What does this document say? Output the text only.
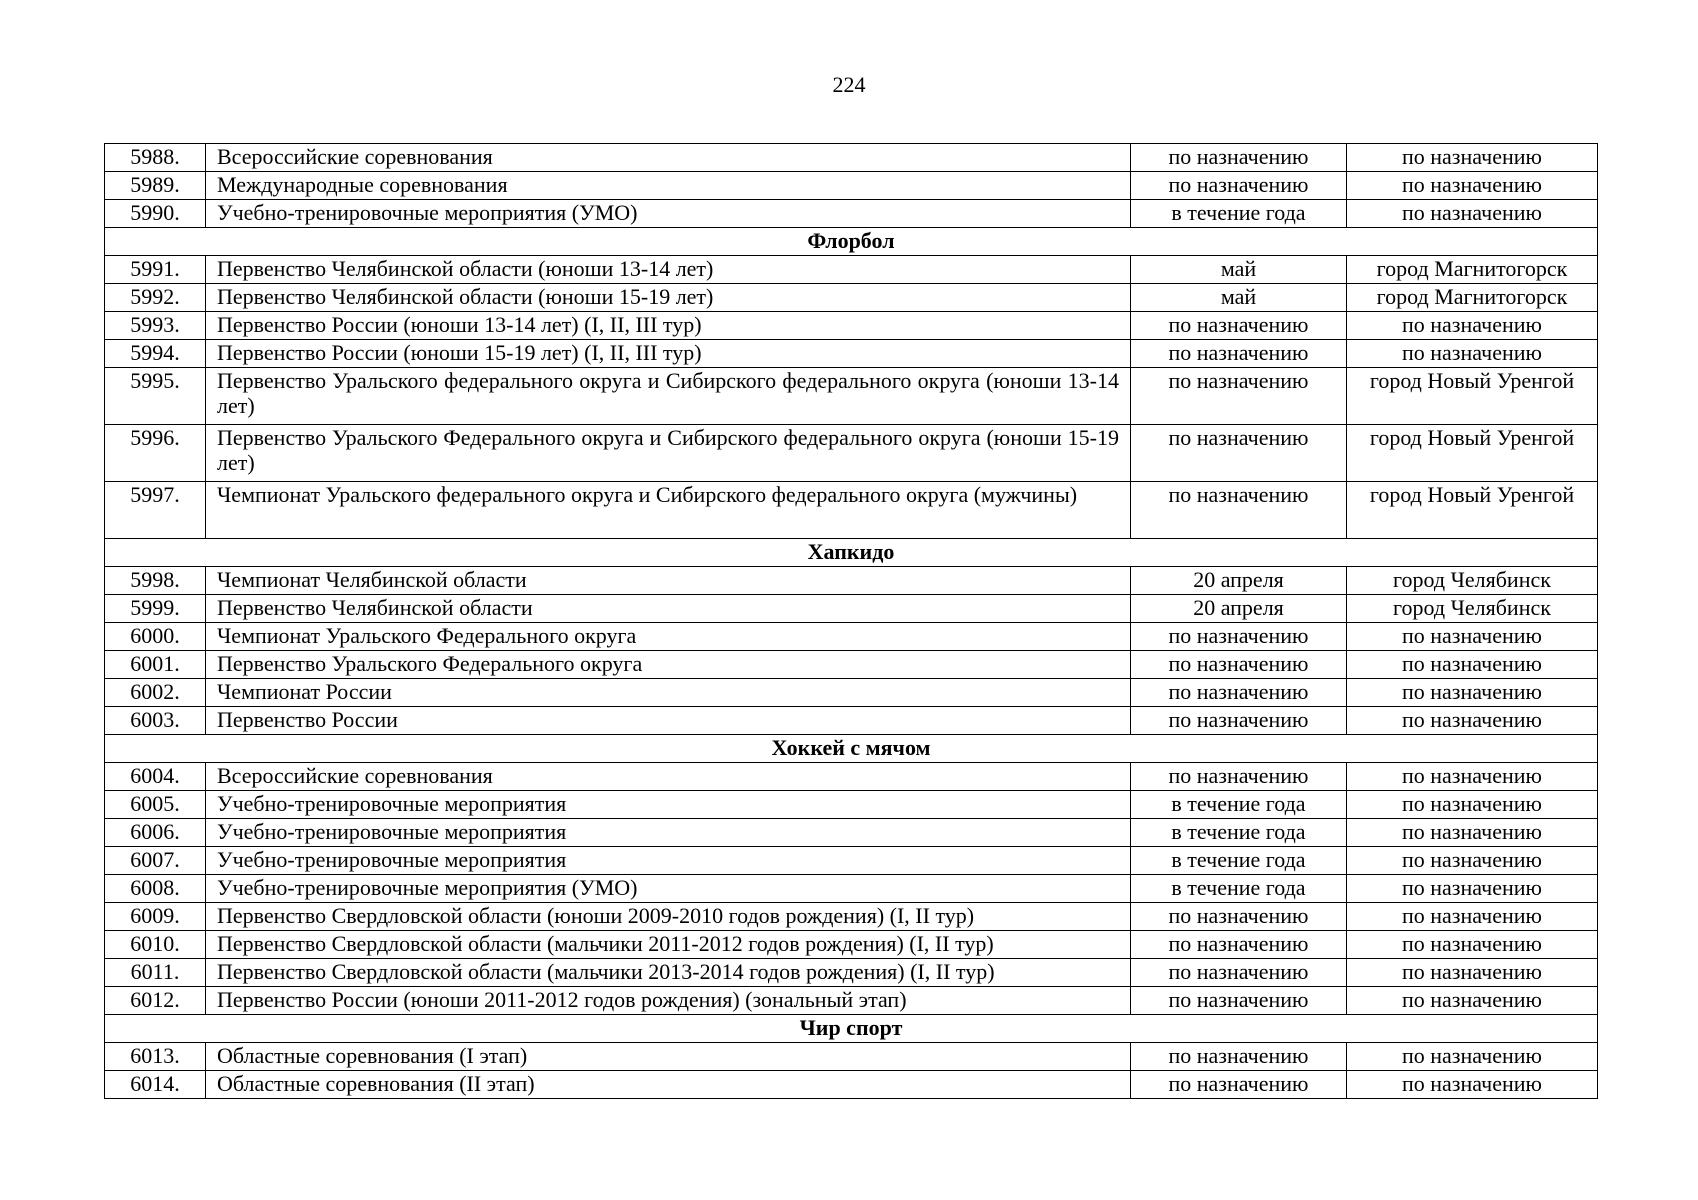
224
5988.	Всероссийские соревнования	по назначению	по назначению
5989.	Международные соревнования	по назначению	по назначению
5990.	Учебно-тренировочные мероприятия (УМО)	в течение года	по назначению
Флорбол			
5991.	Первенство Челябинской области (юноши 13-14 лет)	май	город Магнитогорск
5992.	Первенство Челябинской области (юноши 15-19 лет)	май	город Магнитогорск
5993.	Первенство России (юноши 13-14 лет) (I, II, III тур)	по назначению	по назначению
5994.	Первенство России (юноши 15-19 лет) (I, II, III тур)	по назначению	по назначению
5995.	Первенство Уральского федерального округа и Сибирского федерального округа (юноши 13-14 лет)	по назначению	город Новый Уренгой
5996.	Первенство Уральского Федерального округа и Сибирского федерального округа (юноши 15-19 лет)	по назначению	город Новый Уренгой
5997.	Чемпионат Уральского федерального округа и Сибирского федерального округа (мужчины)	по назначению	город Новый Уренгой
Хапкидо			
5998.	Чемпионат Челябинской области	20 апреля	город Челябинск
5999.	Первенство Челябинской области	20 апреля	город Челябинск
6000.	Чемпионат Уральского Федерального округа	по назначению	по назначению
6001.	Первенство Уральского Федерального округа	по назначению	по назначению
6002.	Чемпионат России	по назначению	по назначению
6003.	Первенство России	по назначению	по назначению
Хоккей с мячом			
6004.	Всероссийские соревнования	по назначению	по назначению
6005.	Учебно-тренировочные мероприятия	в течение года	по назначению
6006.	Учебно-тренировочные мероприятия	в течение года	по назначению
6007.	Учебно-тренировочные мероприятия	в течение года	по назначению
6008.	Учебно-тренировочные мероприятия (УМО)	в течение года	по назначению
6009.	Первенство Свердловской области (юноши 2009-2010 годов рождения) (I, II тур)	по назначению	по назначению
6010.	Первенство Свердловской области (мальчики 2011-2012 годов рождения) (I, II тур)	по назначению	по назначению
6011.	Первенство Свердловской области (мальчики 2013-2014 годов рождения) (I, II тур)	по назначению	по назначению
6012.	Первенство России (юноши 2011-2012 годов рождения) (зональный этап)	по назначению	по назначению
Чир спорт			
6013.	Областные соревнования (I этап)	по назначению	по назначению
6014.	Областные соревнования (II этап)	по назначению	по назначению
